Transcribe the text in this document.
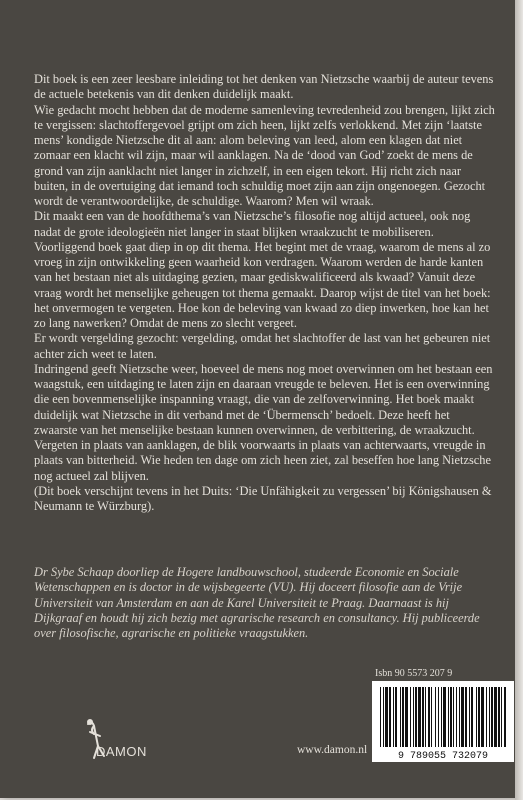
Dit boek is een zeer leesbare inleiding tot het denken van Nietzsche waarbij de auteur tevens de actuele betekenis van dit denken duidelijk maakt.

Wie gedacht mocht hebben dat de moderne samenleving tevredenheid zou brengen, lijkt zich te vergissen: slachtoffergevoel grijpt om zich heen, lijkt zelfs verlokkend. Met zijn ‘laatste mens’ kondigde Nietzsche dit al aan: alom beleving van leed, alom een klagen dat niet zomaar een klacht wil zijn, maar wil aanklagen. Na de ‘dood van God’ zoekt de mens de grond van zijn aanklacht niet langer in zichzelf, in een eigen tekort. Hij richt zich naar buiten, in de overtuiging dat iemand toch schuldig moet zijn aan zijn ongenoegen. Gezocht wordt de verantwoordelijke, de schuldige. Waarom? Men wil wraak.

Dit maakt een van de hoofdthema’s van Nietzsche’s filosofie nog altijd actueel, ook nog nadat de grote ideologieën niet langer in staat blijken wraakzucht te mobiliseren. Voorliggend boek gaat diep in op dit thema. Het begint met de vraag, waarom de mens al zo vroeg in zijn ontwikkeling geen waarheid kon verdragen. Waarom werden de harde kanten van het bestaan niet als uitdaging gezien, maar gediskwalificeerd als kwaad? Vanuit deze vraag wordt het menselijke geheugen tot thema gemaakt. Daarop wijst de titel van het boek: het onvermogen te vergeten. Hoe kon de beleving van kwaad zo diep inwerken, hoe kan het zo lang nawerken? Omdat de mens zo slecht vergeet.

Er wordt vergelding gezocht: vergelding, omdat het slachtoffer de last van het gebeuren niet achter zich weet te laten.

Indringend geeft Nietzsche weer, hoeveel de mens nog moet overwinnen om het bestaan een waagstuk, een uitdaging te laten zijn en daaraan vreugde te beleven. Het is een overwinning die een bovenmenselijke inspanning vraagt, die van de zelfoverwinning. Het boek maakt duidelijk wat Nietzsche in dit verband met de ‘Übermensch’ bedoelt. Deze heeft het zwaarste van het menselijke bestaan kunnen overwinnen, de verbittering, de wraakzucht. Vergeten in plaats van aanklagen, de blik voorwaarts in plaats van achterwaarts, vreugde in plaats van bitterheid. Wie heden ten dage om zich heen ziet, zal beseffen hoe lang Nietzsche nog actueel zal blijven.

(Dit boek verschijnt tevens in het Duits: ‘Die Unfähigkeit zu vergessen’ bij Königshausen & Neumann te Würzburg).

Dr Sybe Schaap doorliep de Hogere landbouwschool, studeerde Economie en Sociale Wetenschappen en is doctor in de wijsbegeerte (VU). Hij doceert filosofie aan de Vrije Universiteit van Amsterdam en aan de Karel Universiteit te Praag. Daarnaast is hij Dijkgraaf en houdt hij zich bezig met agrarische research en consultancy. Hij publiceerde over filosofische, agrarische en politieke vraagstukken.
Isbn 90 5573 207 9
9 789055 732079
DAMON	www.damon.nl
